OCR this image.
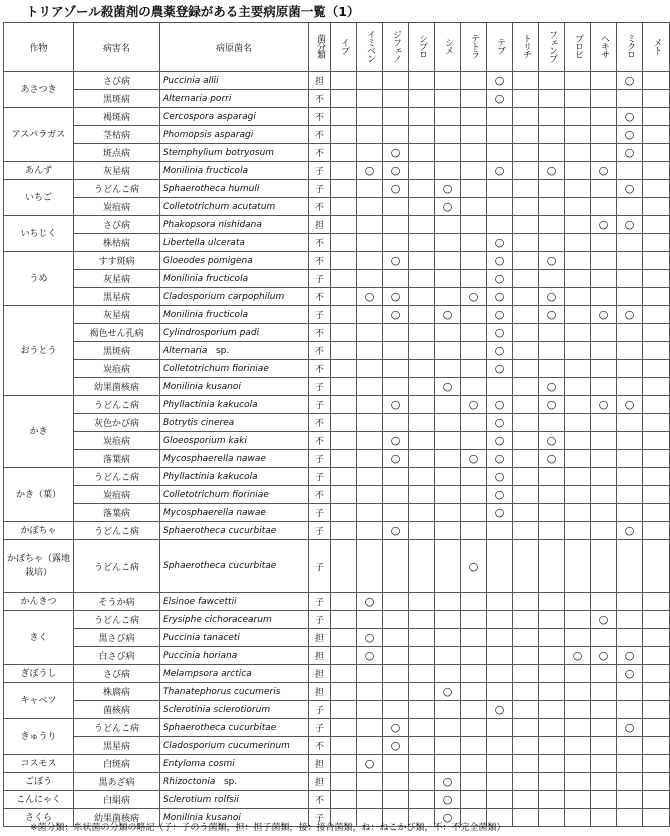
トリアゾール殺菌剤の農薬登録がある主要病原菌一覧（1）
作物	病害名	病原菌名	菌分類	イプ	イミベン	ジフェノ	シプロ	シメ	テトラ	テブ	トリチ	フェンブ	プロピ	ヘキサ	ミクロ	メト
あさつき	さび病	Puccinia allii	担							○					○	
	黒斑病	Alternaria porri	不							○						
アスパラガス	褐斑病	Cercospora asparagi	不												○	
	茎枯病	Phomopsis asparagi	不												○	
	斑点病	Stemphylium botryosum	不			○									○	
あんず	灰星病	Monilinia fructicola	子		○	○				○		○		○		
いちご	うどんこ病	Sphaerotheca humuli	子			○		○							○	
	炭疽病	Colletotrichum acutatum	不					○								
いちじく	さび病	Phakopsora nishidana	担											○	○	
	株枯病	Libertella ulcerata	不							○						
うめ	すす斑病	Gloeodes pomigena	不			○				○		○				
	灰星病	Monilinia fructicola	子							○						
	黒星病	Cladosporium carpophilum	不		○	○			○	○		○				
おうとう	灰星病	Monilinia fructicola	子			○		○		○		○		○	○	
	褐色せん孔病	Cylindrosporium padi	不							○						
	黒斑病	Alternaria   sp.	不							○						
	炭疽病	Colletotrichum fioriniae	不							○						
	幼果菌核病	Monilinia kusanoi	子					○				○				
かき	うどんこ病	Phyllactinia kakucola	子			○			○	○		○		○	○	
	灰色かび病	Botrytis cinerea	不							○						
	炭疽病	Gloeosporium kaki	不			○				○		○				
	落葉病	Mycosphaerella nawae	子			○			○	○		○				
かき（葉）	うどんこ病	Phyllactinia kakucola	子							○						
	炭疽病	Colletotrichum fioriniae	不							○						
	落葉病	Mycosphaerella nawae	子							○						
かぼちゃ	うどんこ病	Sphaerotheca cucurbitae	子			○									○	
かぼちゃ（露地栽培）	うどんこ病	Sphaerotheca cucurbitae	子						○							
かんきつ	そうか病	Elsinoe fawcettii	子		○											
きく	うどんこ病	Erysiphe cichoracearum	子											○		
	黒さび病	Puccinia tanaceti	担		○											
	白さび病	Puccinia horiana	担		○								○	○	○	
ぎぼうし	さび病	Melampsora arctica	担												○	
キャベツ	株腐病	Thanatephorus cucumeris	担					○								
	菌核病	Sclerotinia sclerotiorum	子							○						
きゅうり	うどんこ病	Sphaerotheca cucurbitae	子			○									○	
	黒星病	Cladosporium cucumerinum	不			○										
コスモス	白斑病	Entyloma cosmi	担		○											
ごぼう	黒あざ病	Rhizoctonia   sp.	担					○								
こんにゃく	白絹病	Sclerotium rolfsii	不					○								
さくら	幼果菌核病	Monilinia kusanoi	子					○								
※菌分類：糸状菌の分類の略記（子：子のう菌類，担：担子菌類，接：接合菌類，ね：ねこかび類，不：不完全菌類）
